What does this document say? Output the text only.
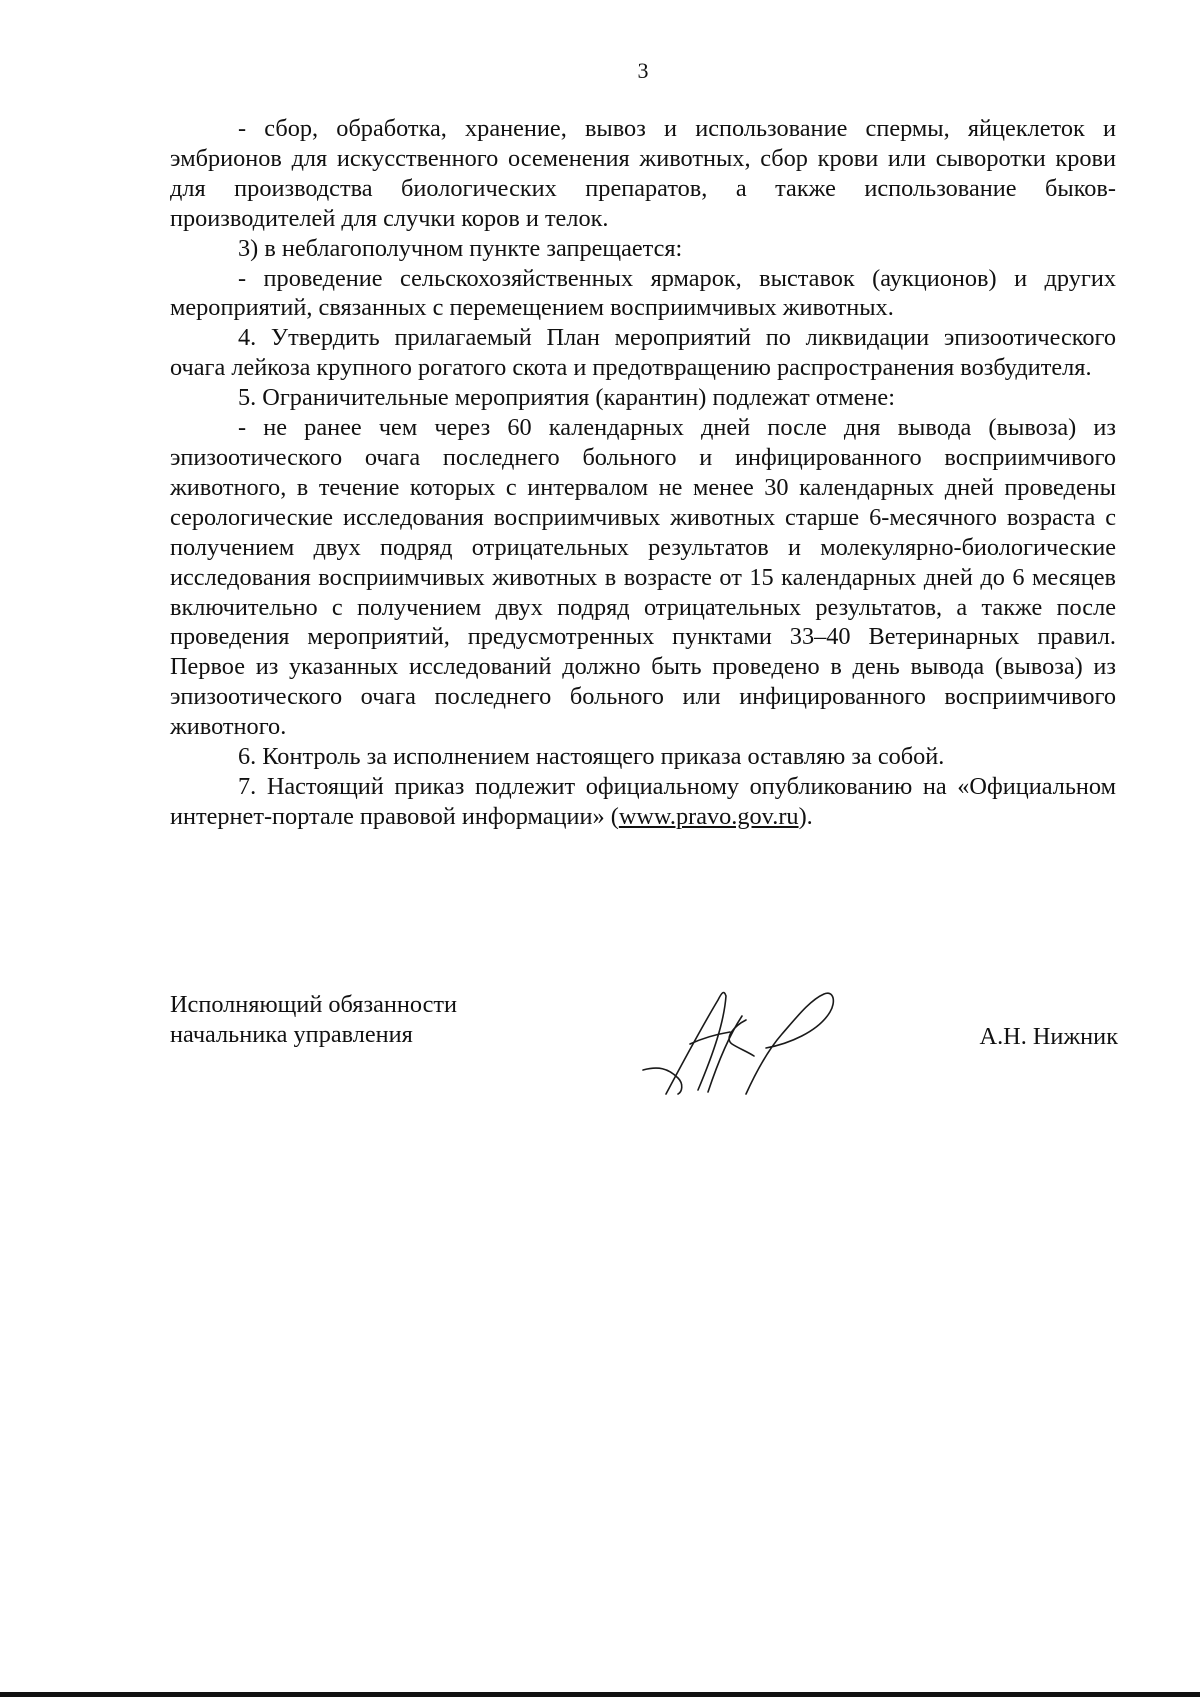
3

- сбор, обработка, хранение, вывоз и использование спермы, яйцеклеток и эмбрионов для искусственного осеменения животных, сбор крови или сыворотки крови для производства биологических препаратов, а также использование быков-производителей для случки коров и телок.

3) в неблагополучном пункте запрещается:

- проведение сельскохозяйственных ярмарок, выставок (аукционов) и других мероприятий, связанных с перемещением восприимчивых животных.

4. Утвердить прилагаемый План мероприятий по ликвидации эпизоотического очага лейкоза крупного рогатого скота и предотвращению распространения возбудителя.

5. Ограничительные мероприятия (карантин) подлежат отмене:

- не ранее чем через 60 календарных дней после дня вывода (вывоза) из эпизоотического очага последнего больного и инфицированного восприимчивого животного, в течение которых с интервалом не менее 30 календарных дней проведены серологические исследования восприимчивых животных старше 6-месячного возраста с получением двух подряд отрицательных результатов и молекулярно-биологические исследования восприимчивых животных в возрасте от 15 календарных дней до 6 месяцев включительно с получением двух подряд отрицательных результатов, а также после проведения мероприятий, предусмотренных пунктами 33–40 Ветеринарных правил. Первое из указанных исследований должно быть проведено в день вывода (вывоза) из эпизоотического очага последнего больного или инфицированного восприимчивого животного.

6. Контроль за исполнением настоящего приказа оставляю за собой.

7. Настоящий приказ подлежит официальному опубликованию на «Официальном интернет-портале правовой информации» (www.pravo.gov.ru).

Исполняющий обязанности
начальника управления	А.Н. Нижник
